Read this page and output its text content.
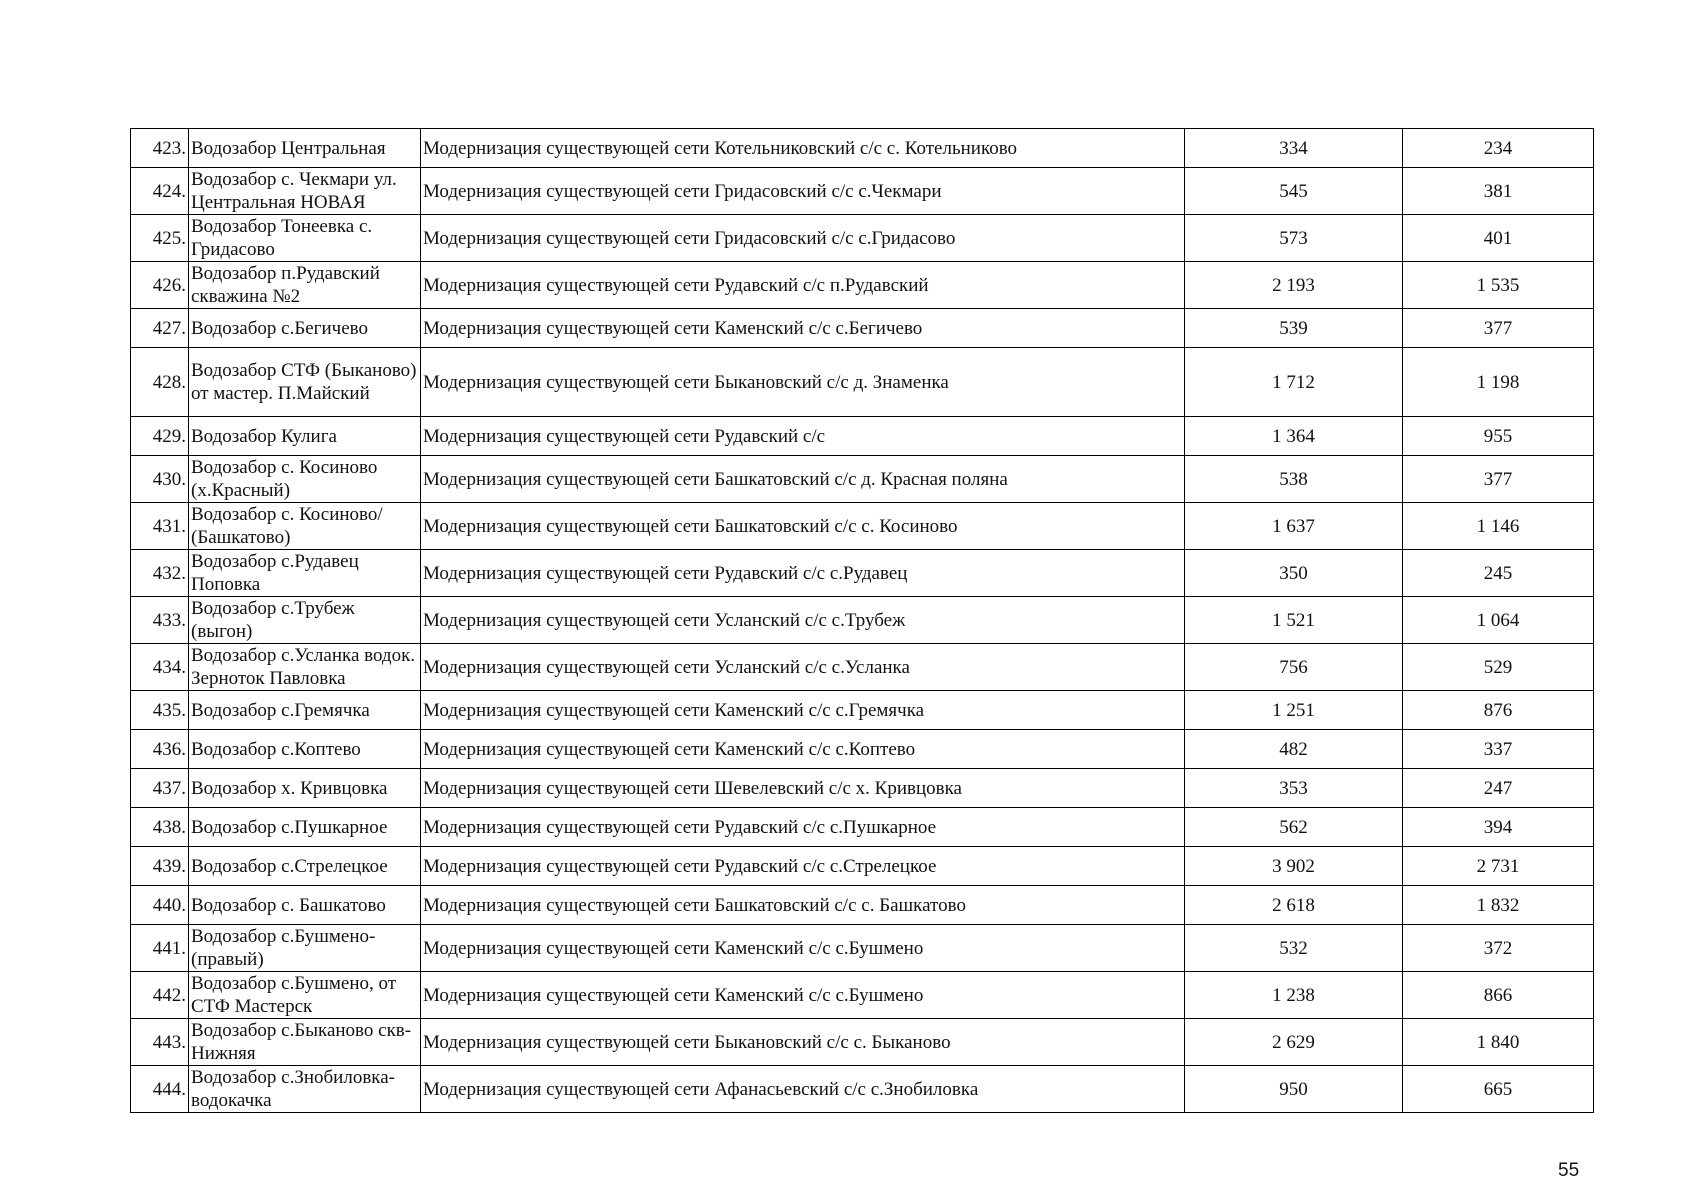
423.	Водозабор Центральная	Модернизация существующей сети Котельниковский с/с с. Котельниково	334	234
424.	Водозабор с. Чекмари ул. Центральная НОВАЯ	Модернизация существующей сети Гридасовский с/с с.Чекмари	545	381
425.	Водозабор Тонеевка с. Гридасово	Модернизация существующей сети Гридасовский с/с с.Гридасово	573	401
426.	Водозабор п.Рудавский скважина №2	Модернизация существующей сети Рудавский с/с п.Рудавский	2 193	1 535
427.	Водозабор с.Бегичево	Модернизация существующей сети Каменский с/с с.Бегичево	539	377
428.	Водозабор СТФ (Быканово) от мастер. П.Майский	Модернизация существующей сети Быкановский с/с д. Знаменка	1 712	1 198
429.	Водозабор Кулига	Модернизация существующей сети Рудавский с/с	1 364	955
430.	Водозабор с. Косиново (х.Красный)	Модернизация существующей сети Башкатовский с/с д. Красная поляна	538	377
431.	Водозабор с. Косиново/ (Башкатово)	Модернизация существующей сети Башкатовский с/с с. Косиново	1 637	1 146
432.	Водозабор с.Рудавец Поповка	Модернизация существующей сети Рудавский с/с с.Рудавец	350	245
433.	Водозабор с.Трубеж (выгон)	Модернизация существующей сети Усланский с/с с.Трубеж	1 521	1 064
434.	Водозабор с.Усланка водок. Зерноток Павловка	Модернизация существующей сети Усланский с/с с.Усланка	756	529
435.	Водозабор с.Гремячка	Модернизация существующей сети Каменский с/с с.Гремячка	1 251	876
436.	Водозабор с.Коптево	Модернизация существующей сети Каменский с/с с.Коптево	482	337
437.	Водозабор х. Кривцовка	Модернизация существующей сети Шевелевский с/с х. Кривцовка	353	247
438.	Водозабор с.Пушкарное	Модернизация существующей сети Рудавский с/с с.Пушкарное	562	394
439.	Водозабор с.Стрелецкое	Модернизация существующей сети Рудавский с/с с.Стрелецкое	3 902	2 731
440.	Водозабор с. Башкатово	Модернизация существующей сети Башкатовский с/с с. Башкатово	2 618	1 832
441.	Водозабор с.Бушмено-(правый)	Модернизация существующей сети Каменский с/с с.Бушмено	532	372
442.	Водозабор с.Бушмено, от СТФ Мастерск	Модернизация существующей сети Каменский с/с с.Бушмено	1 238	866
443.	Водозабор с.Быканово скв-Нижняя	Модернизация существующей сети Быкановский с/с с. Быканово	2 629	1 840
444.	Водозабор с.Знобиловка-водокачка	Модернизация существующей сети Афанасьевский с/с с.Знобиловка	950	665
55
